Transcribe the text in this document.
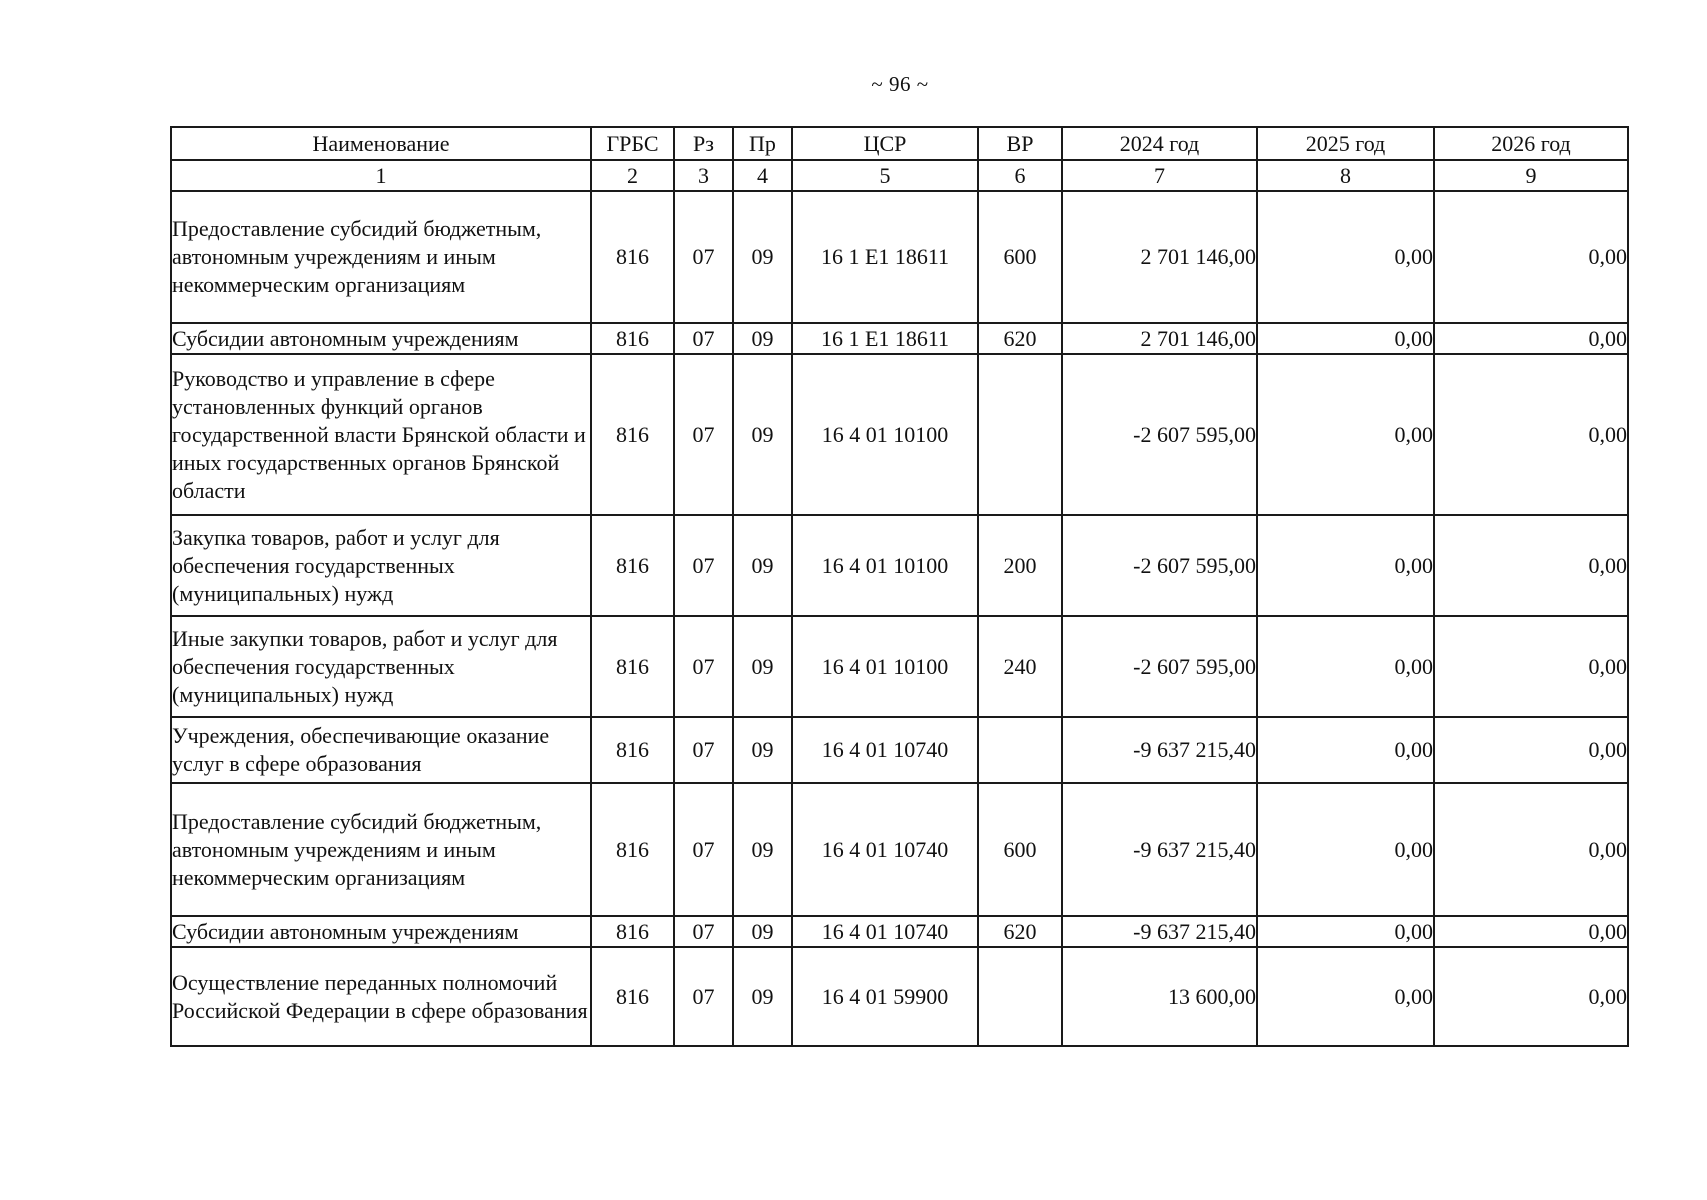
~ 96 ~
Наименование	ГРБС	Рз	Пр	ЦСР	ВР	2024 год	2025 год	2026 год
1	2	3	4	5	6	7	8	9
Предоставление субсидий бюджетным, автономным учреждениям и иным некоммерческим организациям	816	07	09	16 1 E1 18611	600	2 701 146,00	0,00	0,00
Субсидии автономным учреждениям	816	07	09	16 1 E1 18611	620	2 701 146,00	0,00	0,00
Руководство и управление в сфере установленных функций органов государственной власти Брянской области и иных государственных органов Брянской области	816	07	09	16 4 01 10100		-2 607 595,00	0,00	0,00
Закупка товаров, работ и услуг для обеспечения государственных (муниципальных) нужд	816	07	09	16 4 01 10100	200	-2 607 595,00	0,00	0,00
Иные закупки товаров, работ и услуг для обеспечения государственных (муниципальных) нужд	816	07	09	16 4 01 10100	240	-2 607 595,00	0,00	0,00
Учреждения, обеспечивающие оказание услуг в сфере образования	816	07	09	16 4 01 10740		-9 637 215,40	0,00	0,00
Предоставление субсидий бюджетным, автономным учреждениям и иным некоммерческим организациям	816	07	09	16 4 01 10740	600	-9 637 215,40	0,00	0,00
Субсидии автономным учреждениям	816	07	09	16 4 01 10740	620	-9 637 215,40	0,00	0,00
Осуществление переданных полномочий Российской Федерации в сфере образования	816	07	09	16 4 01 59900		13 600,00	0,00	0,00
